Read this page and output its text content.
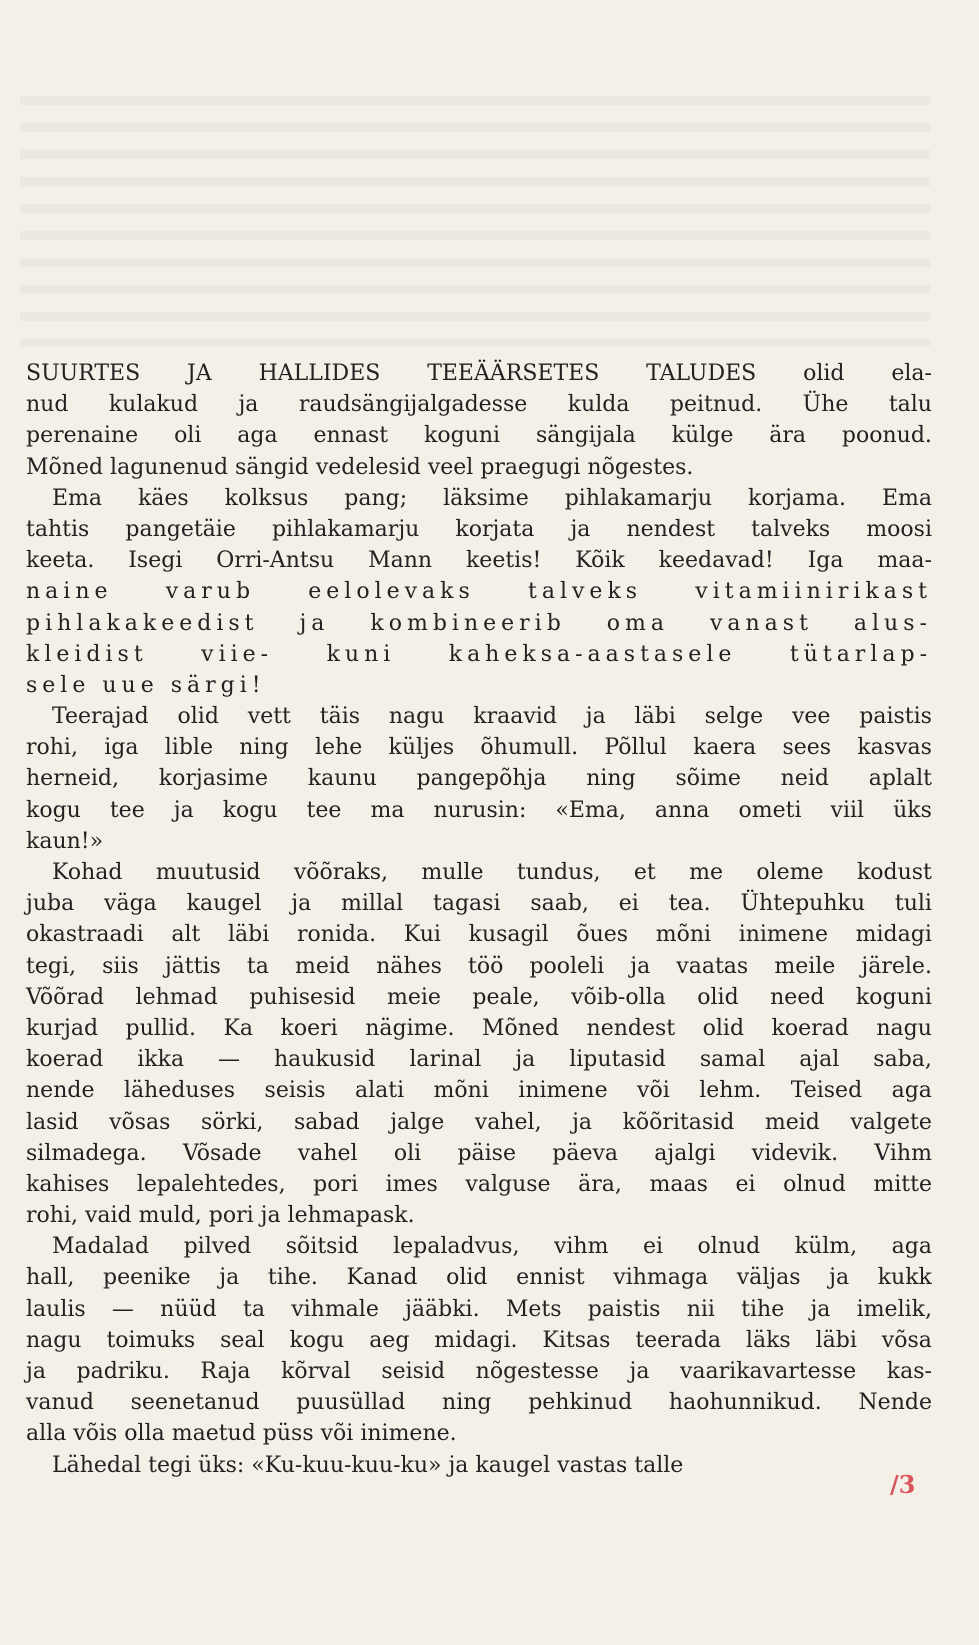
SUURTES JA HALLIDES TEEÄÄRSETES TALUDES olid ela-
nud kulakud ja raudsängijalgadesse kulda peitnud. Ühe talu
perenaine oli aga ennast koguni sängijala külge ära poonud.
Mõned lagunenud sängid vedelesid veel praegugi nõgestes.
Ema käes kolksus pang; läksime pihlakamarju korjama. Ema
tahtis pangetäie pihlakamarju korjata ja nendest talveks moosi
keeta. Isegi Orri-Antsu Mann keetis! Kõik keedavad! Iga maa-
naine varub eelolevaks talveks vitamiinirikast
pihlakakeedist ja kombineerib oma vanast alus-
kleidist viie- kuni kaheksa-aastasele tütarlap-
sele uue särgi!
Teerajad olid vett täis nagu kraavid ja läbi selge vee paistis
rohi, iga lible ning lehe küljes õhumull. Põllul kaera sees kasvas
herneid, korjasime kaunu pangepõhja ning sõime neid aplalt
kogu tee ja kogu tee ma nurusin: «Ema, anna ometi viil üks
kaun!»
Kohad muutusid võõraks, mulle tundus, et me oleme kodust
juba väga kaugel ja millal tagasi saab, ei tea. Ühtepuhku tuli
okastraadi alt läbi ronida. Kui kusagil õues mõni inimene midagi
tegi, siis jättis ta meid nähes töö pooleli ja vaatas meile järele.
Võõrad lehmad puhisesid meie peale, võib-olla olid need koguni
kurjad pullid. Ka koeri nägime. Mõned nendest olid koerad nagu
koerad ikka — haukusid larinal ja liputasid samal ajal saba,
nende läheduses seisis alati mõni inimene või lehm. Teised aga
lasid võsas sörki, sabad jalge vahel, ja kõõritasid meid valgete
silmadega. Võsade vahel oli päise päeva ajalgi videvik. Vihm
kahises lepalehtedes, pori imes valguse ära, maas ei olnud mitte
rohi, vaid muld, pori ja lehmapask.
Madalad pilved sõitsid lepaladvus, vihm ei olnud külm, aga
hall, peenike ja tihe. Kanad olid ennist vihmaga väljas ja kukk
laulis — nüüd ta vihmale jääbki. Mets paistis nii tihe ja imelik,
nagu toimuks seal kogu aeg midagi. Kitsas teerada läks läbi võsa
ja padriku. Raja kõrval seisid nõgestesse ja vaarikavartesse kas-
vanud seenetanud puusüllad ning pehkinud haohunnikud. Nende
alla võis olla maetud püss või inimene.
Lähedal tegi üks: «Ku-kuu-kuu-ku» ja kaugel vastas talle
/3
